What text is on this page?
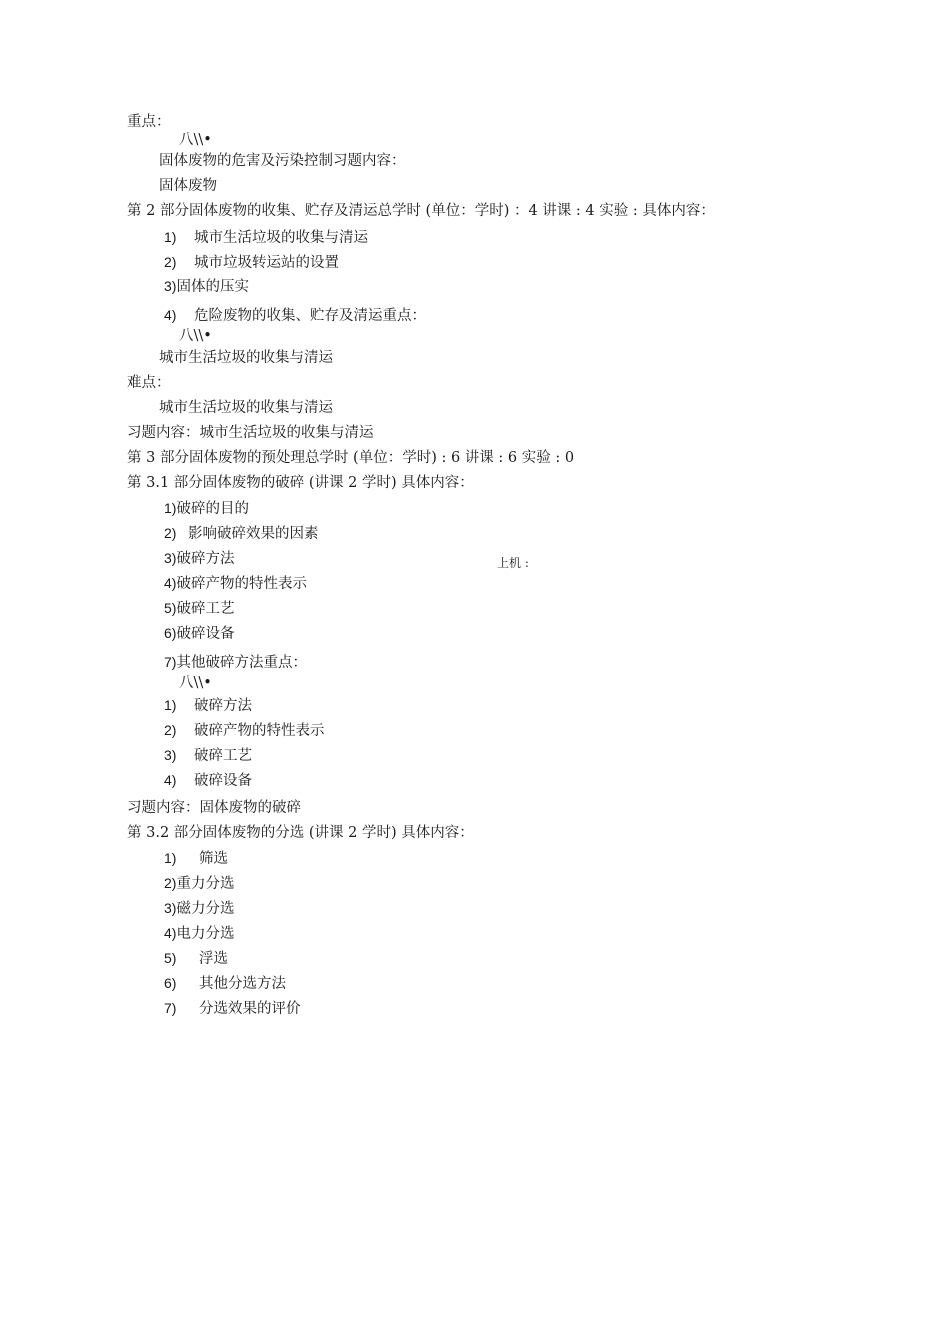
重点：
八\\•
固体废物的危害及污染控制习题内容：
固体废物
第 2 部分固体废物的收集、贮存及清运总学时 (单位：学时) ：4 讲课 : 4 实验 : 具体内容：
1) 城市生活垃圾的收集与清运
2) 城市垃圾转运站的设置
3)固体的压实
4) 危险废物的收集、贮存及清运重点：
八\\•
城市生活垃圾的收集与清运
难点：
城市生活垃圾的收集与清运
习题内容：城市生活垃圾的收集与清运
第 3 部分固体废物的预处理总学时 (单位：学时) : 6 讲课 : 6 实验 : 0
第 3.1 部分固体废物的破碎 (讲课 2 学时) 具体内容：
1)破碎的目的
2) 影响破碎效果的因素
3)破碎方法
4)破碎产物的特性表示
5)破碎工艺
6)破碎设备
7)其他破碎方法重点：
八\\•
1) 破碎方法
2) 破碎产物的特性表示
3) 破碎工艺
4) 破碎设备
习题内容：固体废物的破碎
第 3.2 部分固体废物的分选 (讲课 2 学时) 具体内容：
1) 筛选
2)重力分选
3)磁力分选
4)电力分选
5) 浮选
6) 其他分选方法
7) 分选效果的评价
上机 :
